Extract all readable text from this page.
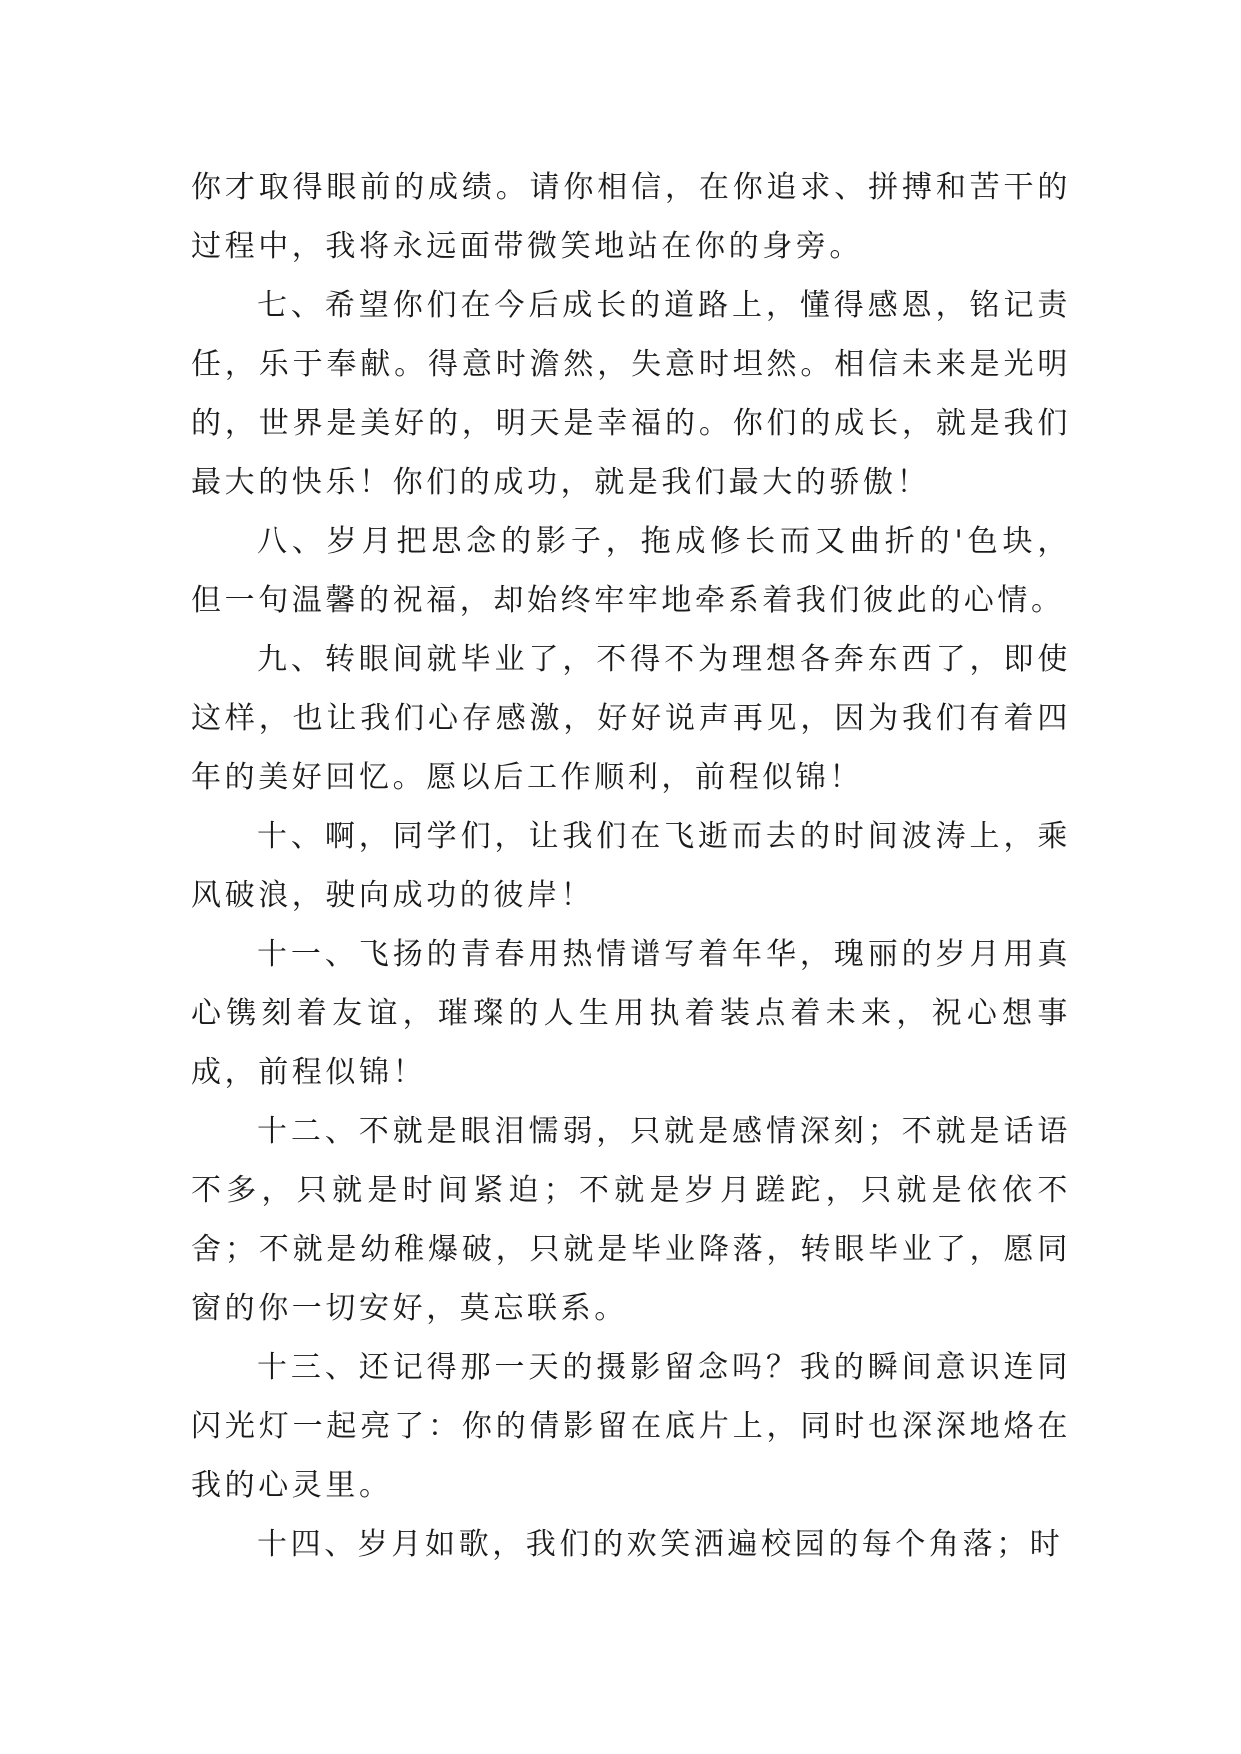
你才取得眼前的成绩。请你相信，在你追求、拼搏和苦干的过程中，我将永远面带微笑地站在你的身旁。

七、希望你们在今后成长的道路上，懂得感恩，铭记责任，乐于奉献。得意时澹然，失意时坦然。相信未来是光明的，世界是美好的，明天是幸福的。你们的成长，就是我们最大的快乐！你们的成功，就是我们最大的骄傲！

八、岁月把思念的影子，拖成修长而又曲折的'色块，但一句温馨的祝福，却始终牢牢地牵系着我们彼此的心情。

九、转眼间就毕业了，不得不为理想各奔东西了，即使这样，也让我们心存感激，好好说声再见，因为我们有着四年的美好回忆。愿以后工作顺利，前程似锦！

十、啊，同学们，让我们在飞逝而去的时间波涛上，乘风破浪，驶向成功的彼岸！

十一、飞扬的青春用热情谱写着年华，瑰丽的岁月用真心镌刻着友谊，璀璨的人生用执着装点着未来，祝心想事成，前程似锦！

十二、不就是眼泪懦弱，只就是感情深刻；不就是话语不多，只就是时间紧迫；不就是岁月蹉跎，只就是依依不舍；不就是幼稚爆破，只就是毕业降落，转眼毕业了，愿同窗的你一切安好，莫忘联系。

十三、还记得那一天的摄影留念吗？我的瞬间意识连同闪光灯一起亮了：你的倩影留在底片上，同时也深深地烙在我的心灵里。

十四、岁月如歌，我们的欢笑洒遍校园的每个角落；时
